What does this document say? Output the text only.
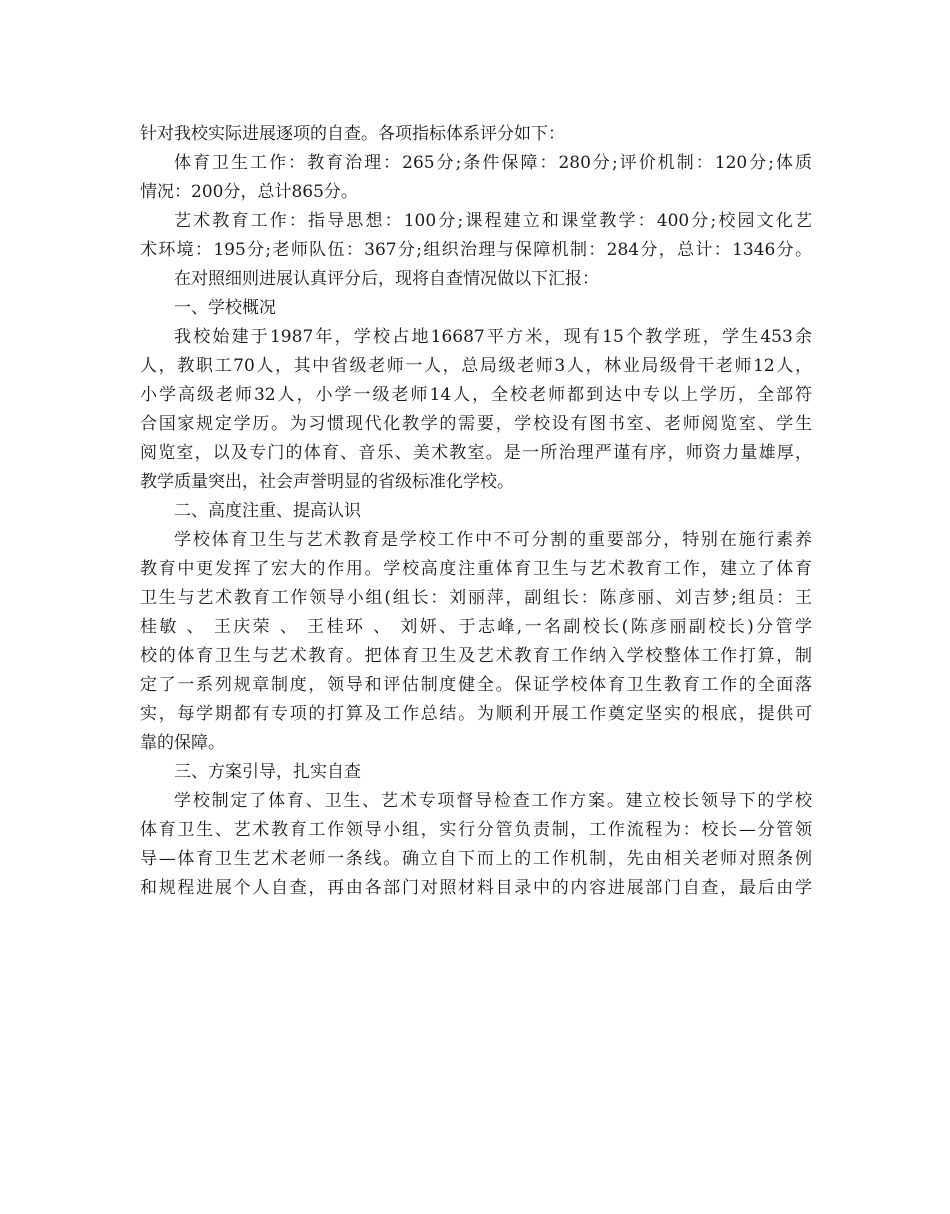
针对我校实际进展逐项的自查。各项指标体系评分如下：
体育卫生工作：教育治理：265分;条件保障：280分;评价机制：120分;体质
情况：200分，总计865分。
艺术教育工作：指导思想：100分;课程建立和课堂教学：400分;校园文化艺
术环境：195分;老师队伍：367分;组织治理与保障机制：284分，总计：1346分。
在对照细则进展认真评分后，现将自查情况做以下汇报：
一、学校概况
我校始建于1987年，学校占地16687平方米，现有15个教学班，学生453余
人，教职工70人，其中省级老师一人，总局级老师3人，林业局级骨干老师12人，
小学高级老师32人，小学一级老师14人，全校老师都到达中专以上学历，全部符
合国家规定学历。为习惯现代化教学的需要，学校设有图书室、老师阅览室、学生
阅览室，以及专门的体育、音乐、美术教室。是一所治理严谨有序，师资力量雄厚，
教学质量突出，社会声誉明显的省级标准化学校。
二、高度注重、提高认识
学校体育卫生与艺术教育是学校工作中不可分割的重要部分，特别在施行素养
教育中更发挥了宏大的作用。学校高度注重体育卫生与艺术教育工作，建立了体育
卫生与艺术教育工作领导小组(组长：刘丽萍，副组长：陈彦丽、刘吉梦;组员：王
桂敏 、 王庆荣 、 王桂环 、 刘妍、于志峰,一名副校长(陈彦丽副校长)分管学
校的体育卫生与艺术教育。把体育卫生及艺术教育工作纳入学校整体工作打算，制
定了一系列规章制度，领导和评估制度健全。保证学校体育卫生教育工作的全面落
实，每学期都有专项的打算及工作总结。为顺利开展工作奠定坚实的根底，提供可
靠的保障。
三、方案引导，扎实自查
学校制定了体育、卫生、艺术专项督导检查工作方案。建立校长领导下的学校
体育卫生、艺术教育工作领导小组，实行分管负责制，工作流程为：校长—分管领
导—体育卫生艺术老师一条线。确立自下而上的工作机制，先由相关老师对照条例
和规程进展个人自查，再由各部门对照材料目录中的内容进展部门自查，最后由学
